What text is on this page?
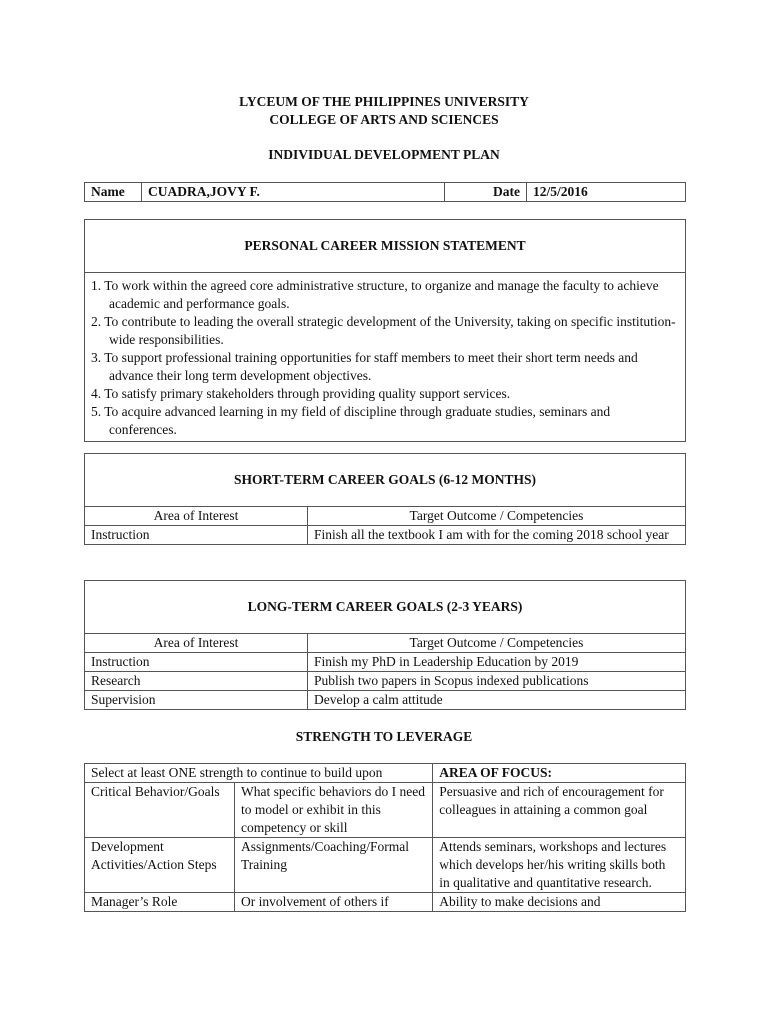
LYCEUM OF THE PHILIPPINES UNIVERSITY
COLLEGE OF ARTS AND SCIENCES
INDIVIDUAL DEVELOPMENT PLAN
Name	CUADRA,JOVY F.	Date	12/5/2016
PERSONAL CAREER MISSION STATEMENT

1. To work within the agreed core administrative structure, to organize and manage the faculty to achieve academic and performance goals.
2. To contribute to leading the overall strategic development of the University, taking on specific institution-wide responsibilities.
3. To support professional training opportunities for staff members to meet their short term needs and advance their long term development objectives.
4. To satisfy primary stakeholders through providing quality support services.
5. To acquire advanced learning in my field of discipline through graduate studies, seminars and conferences.
SHORT-TERM CAREER GOALS (6-12 MONTHS)	
Area of Interest	Target Outcome / Competencies
Instruction	Finish all the textbook I am with for the coming 2018 school year
LONG-TERM CAREER GOALS (2-3 YEARS)	
Area of Interest	Target Outcome / Competencies
Instruction	Finish my PhD in Leadership Education by 2019
Research	Publish two papers in Scopus indexed publications
Supervision	Develop a calm attitude
STRENGTH TO LEVERAGE
Select at least ONE strength to continue to build upon		AREA OF FOCUS:
Critical Behavior/Goals	What specific behaviors do I need to model or exhibit in this competency or skill	Persuasive and rich of encouragement for colleagues in attaining a common goal
Development Activities/Action Steps	Assignments/Coaching/Formal Training	Attends seminars, workshops and lectures which develops her/his writing skills both in qualitative and quantitative research.
Manager’s Role	Or involvement of others if	Ability to make decisions and
